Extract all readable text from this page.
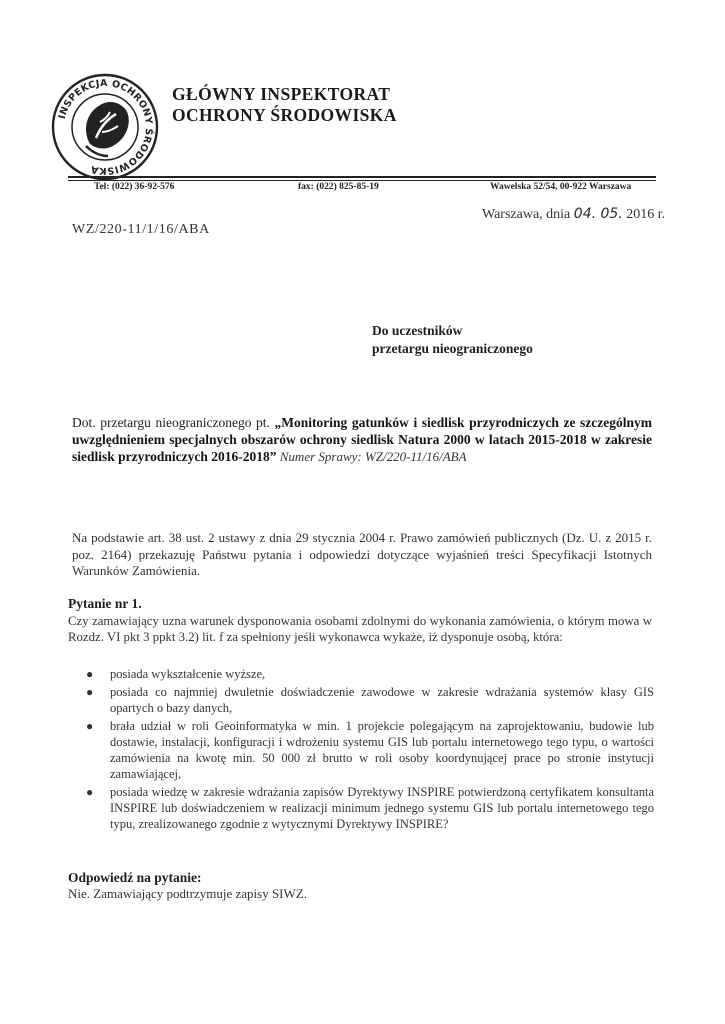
INSPEKCJA OCHRONY ŚRODOWISKA
GŁÓWNY INSPEKTORAT
OCHRONY ŚRODOWISKA
Tel: (022) 36-92-576	fax: (022) 825-85-19	Wawelska 52/54, 00-922 Warszawa
Warszawa, dnia 04. 05. 2016 r.
WZ/220-11/1/16/ABA
Do uczestników
przetargu nieograniczonego
Dot. przetargu nieograniczonego pt. „Monitoring gatunków i siedlisk przyrodniczych ze szczególnym uwzględnieniem specjalnych obszarów ochrony siedlisk Natura 2000 w latach 2015-2018 w zakresie siedlisk przyrodniczych 2016-2018” Numer Sprawy: WZ/220-11/16/ABA
Na podstawie art. 38 ust. 2 ustawy z dnia 29 stycznia 2004 r. Prawo zamówień publicznych (Dz. U. z 2015 r. poz. 2164) przekazuję Państwu pytania i odpowiedzi dotyczące wyjaśnień treści Specyfikacji Istotnych Warunków Zamówienia.
Pytanie nr 1.
Czy zamawiający uzna warunek dysponowania osobami zdolnymi do wykonania zamówienia, o którym mowa w Rozdz. VI pkt 3 ppkt 3.2) lit. f za spełniony jeśli wykonawca wykaże, iż dysponuje osobą, która:
● posiada wykształcenie wyższe,
● posiada co najmniej dwuletnie doświadczenie zawodowe w zakresie wdrażania systemów klasy GIS opartych o bazy danych,
● brała udział w roli Geoinformatyka w min. 1 projekcie polegającym na zaprojektowaniu, budowie lub dostawie, instalacji, konfiguracji i wdrożeniu systemu GIS lub portalu internetowego tego typu, o wartości zamówienia na kwotę min. 50 000 zł brutto w roli osoby koordynującej prace po stronie instytucji zamawiającej,
● posiada wiedzę w zakresie wdrażania zapisów Dyrektywy INSPIRE potwierdzoną certyfikatem konsultanta INSPIRE lub doświadczeniem w realizacji minimum jednego systemu GIS lub portalu internetowego tego typu, zrealizowanego zgodnie z wytycznymi Dyrektywy INSPIRE?
Odpowiedź na pytanie:
Nie. Zamawiający podtrzymuje zapisy SIWZ.
